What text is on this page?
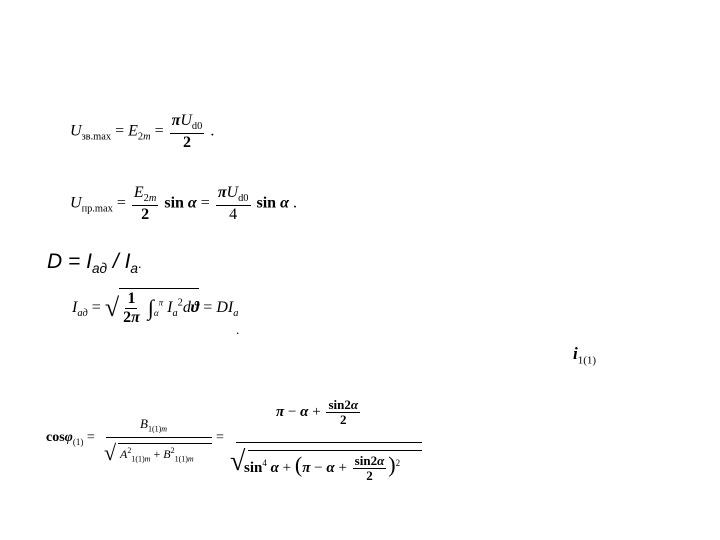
$U_{зв.max} = E_{2m} = \frac{\pi U_{d0}}{2}$ .
$U_{пр.max} = \frac{E_{2m}}{2}$ $\sin \alpha = \frac{\pi U_{d0}}{4}$ sin α .
$D = I_{aд} / I_a$.
$I_{aд}$ = √ $\frac{1}{2\pi} \int_\alpha^\pi$ $I_a^2dϑ = DI_a$
.
$i_{1(1)}$
cosφ$_{(1)}$ =
$B_{1(1)m}$
√ $A^2_{1(1)m} + B^2_{1(1)m}$
=
$\pi - \alpha + \frac{\sin 2\alpha}{2}$
√
$\sin^4 \alpha + (\pi - \alpha + \frac{\sin 2\alpha}{2} )^2$
